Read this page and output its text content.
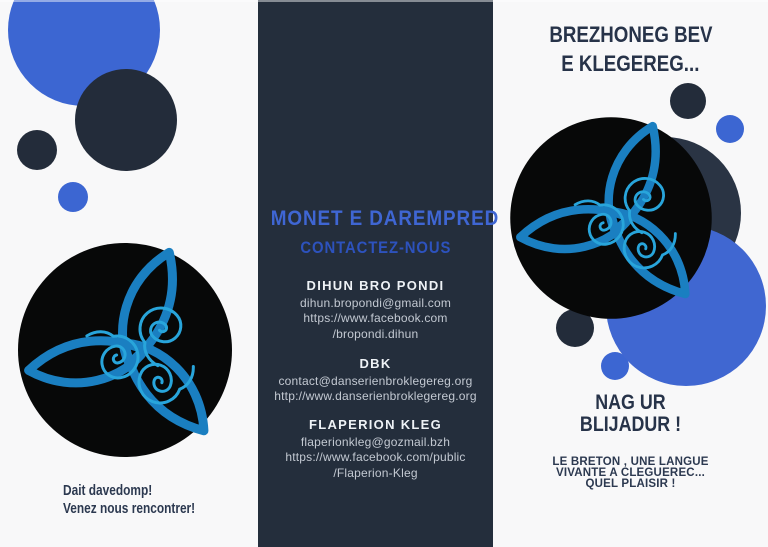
Dait davedomp!
Venez nous rencontrer!
MONET E DAREMPRED
CONTACTEZ-NOUS
DIHUN BRO PONDI
dihun.bropondi@gmail.com
https://www.facebook.com
/bropondi.dihun
DBK
contact@danserienbroklegereg.org
http://www.danserienbroklegereg.org
FLAPERION KLEG
flaperionkleg@gozmail.bzh
https://www.facebook.com/public
/Flaperion-Kleg
BREZHONEG BEV
E KLEGEREG...
NAG UR
BLIJADUR !
LE BRETON , UNE LANGUE
VIVANTE A CLEGUEREC...
QUEL PLAISIR !
